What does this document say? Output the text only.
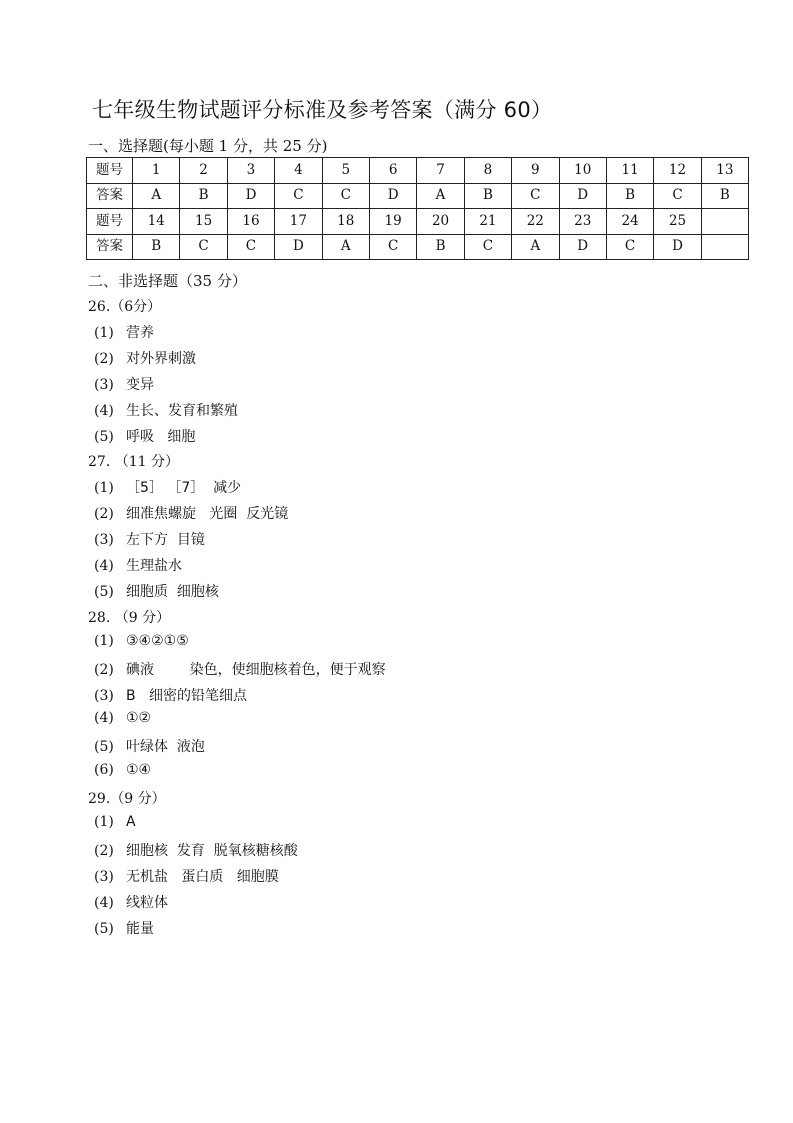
七年级生物试题评分标准及参考答案（满分 60）
一、选择题(每小题 1 分，共 25 分)
题号	1	2	3	4	5	6	7	8	9	10	11	12	13
答案	A	B	D	C	C	D	A	B	C	D	B	C	B
题号	14	15	16	17	18	19	20	21	22	23	24	25	
答案	B	C	C	D	A	C	B	C	A	D	C	D	
二、非选择题（35 分）
26.（6分）
(1) 营养
(2) 对外界刺激
(3) 变异
(4) 生长、发育和繁殖
(5) 呼吸   细胞
27. （11 分）
(1) ［5］ ［7］  减少
(2) 细准焦螺旋   光圈  反光镜
(3) 左下方  目镜
(4) 生理盐水
(5) 细胞质  细胞核
28. （9 分）
(1) ③④②①⑤
(2) 碘液        染色，使细胞核着色，便于观察
(3) B   细密的铅笔细点
(4) ①②
(5) 叶绿体  液泡
(6) ①④
29.（9 分）
(1) A
(2) 细胞核  发育  脱氧核糖核酸
(3) 无机盐   蛋白质   细胞膜
(4) 线粒体
(5) 能量
